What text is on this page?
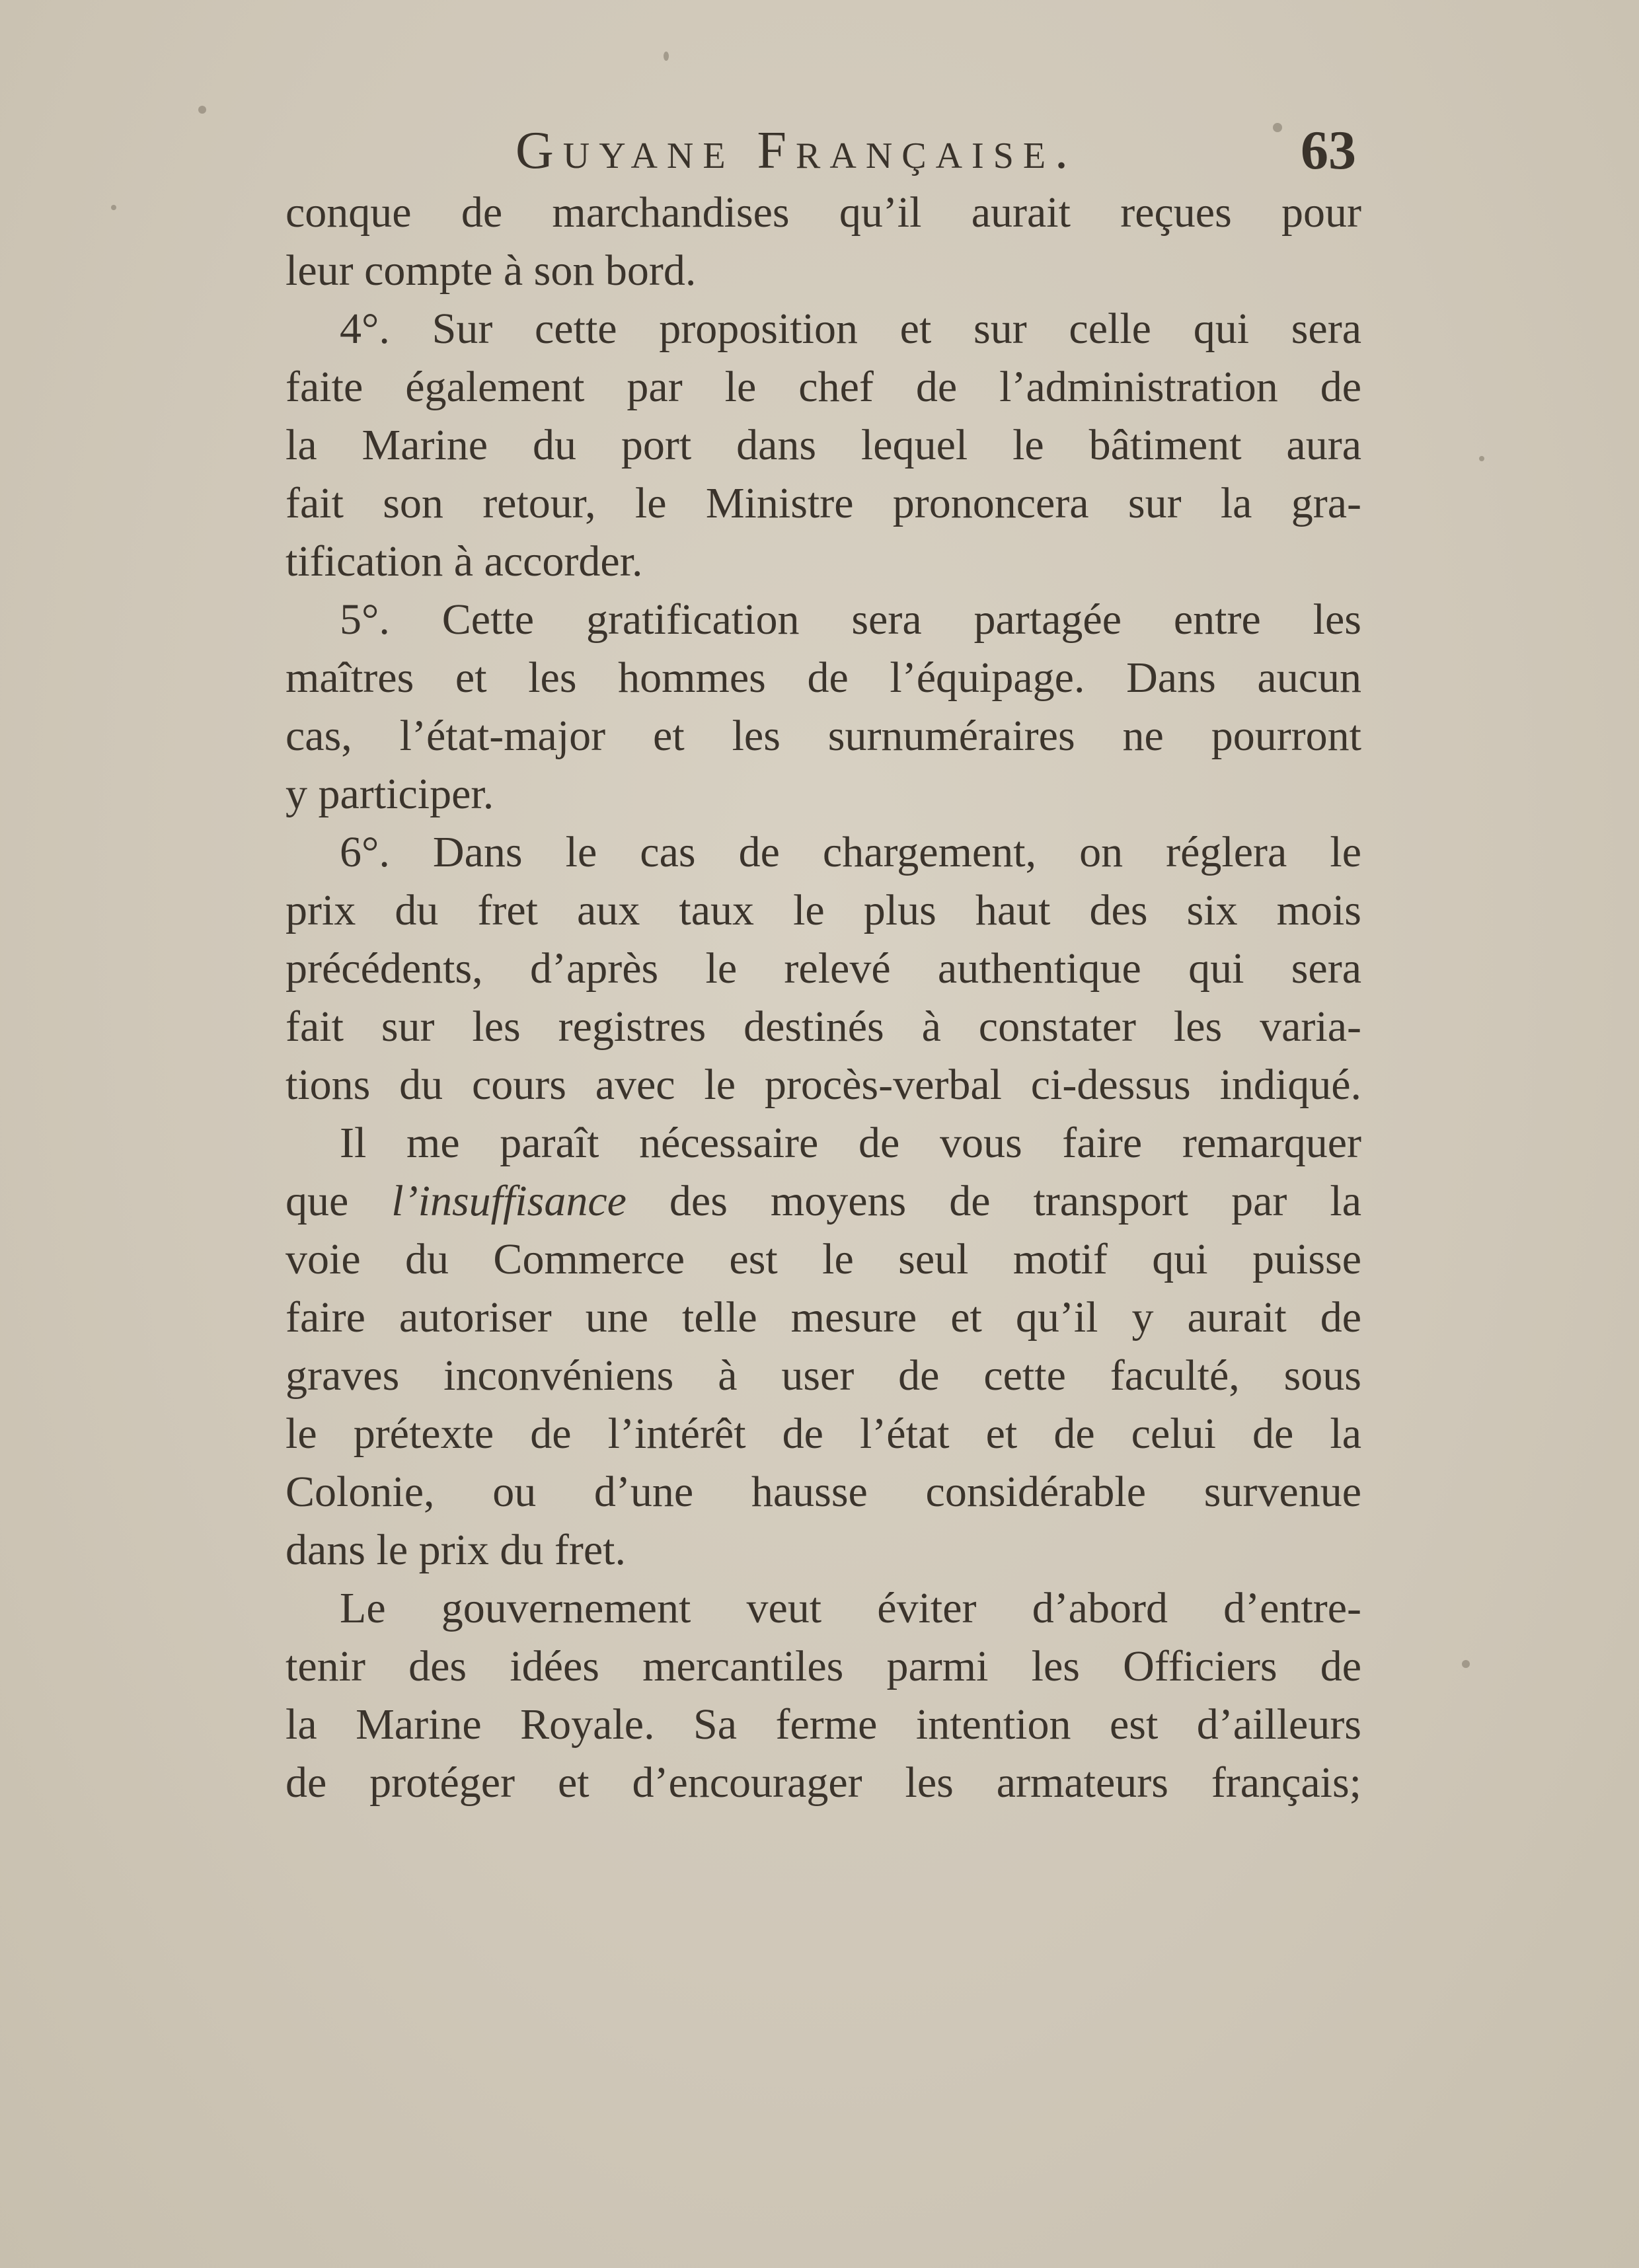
Guyane Française.	63
conque de marchandises qu’il aurait reçues pour
leur compte à son bord.
4°. Sur cette proposition et sur celle qui sera
faite également par le chef de l’administration de
la Marine du port dans lequel le bâtiment aura
fait son retour, le Ministre prononcera sur la gra-
tification à accorder.
5°. Cette gratification sera partagée entre les
maîtres et les hommes de l’équipage. Dans aucun
cas, l’état-major et les surnuméraires ne pourront
y participer.
6°. Dans le cas de chargement, on réglera le
prix du fret aux taux le plus haut des six mois
précédents, d’après le relevé authentique qui sera
fait sur les registres destinés à constater les varia-
tions du cours avec le procès-verbal ci-dessus indiqué.
Il me paraît nécessaire de vous faire remarquer
que l’insuffisance des moyens de transport par la
voie du Commerce est le seul motif qui puisse
faire autoriser une telle mesure et qu’il y aurait de
graves inconvéniens à user de cette faculté, sous
le prétexte de l’intérêt de l’état et de celui de la
Colonie, ou d’une hausse considérable survenue
dans le prix du fret.
Le gouvernement veut éviter d’abord d’entre-
tenir des idées mercantiles parmi les Officiers de
la Marine Royale. Sa ferme intention est d’ailleurs
de protéger et d’encourager les armateurs français;
